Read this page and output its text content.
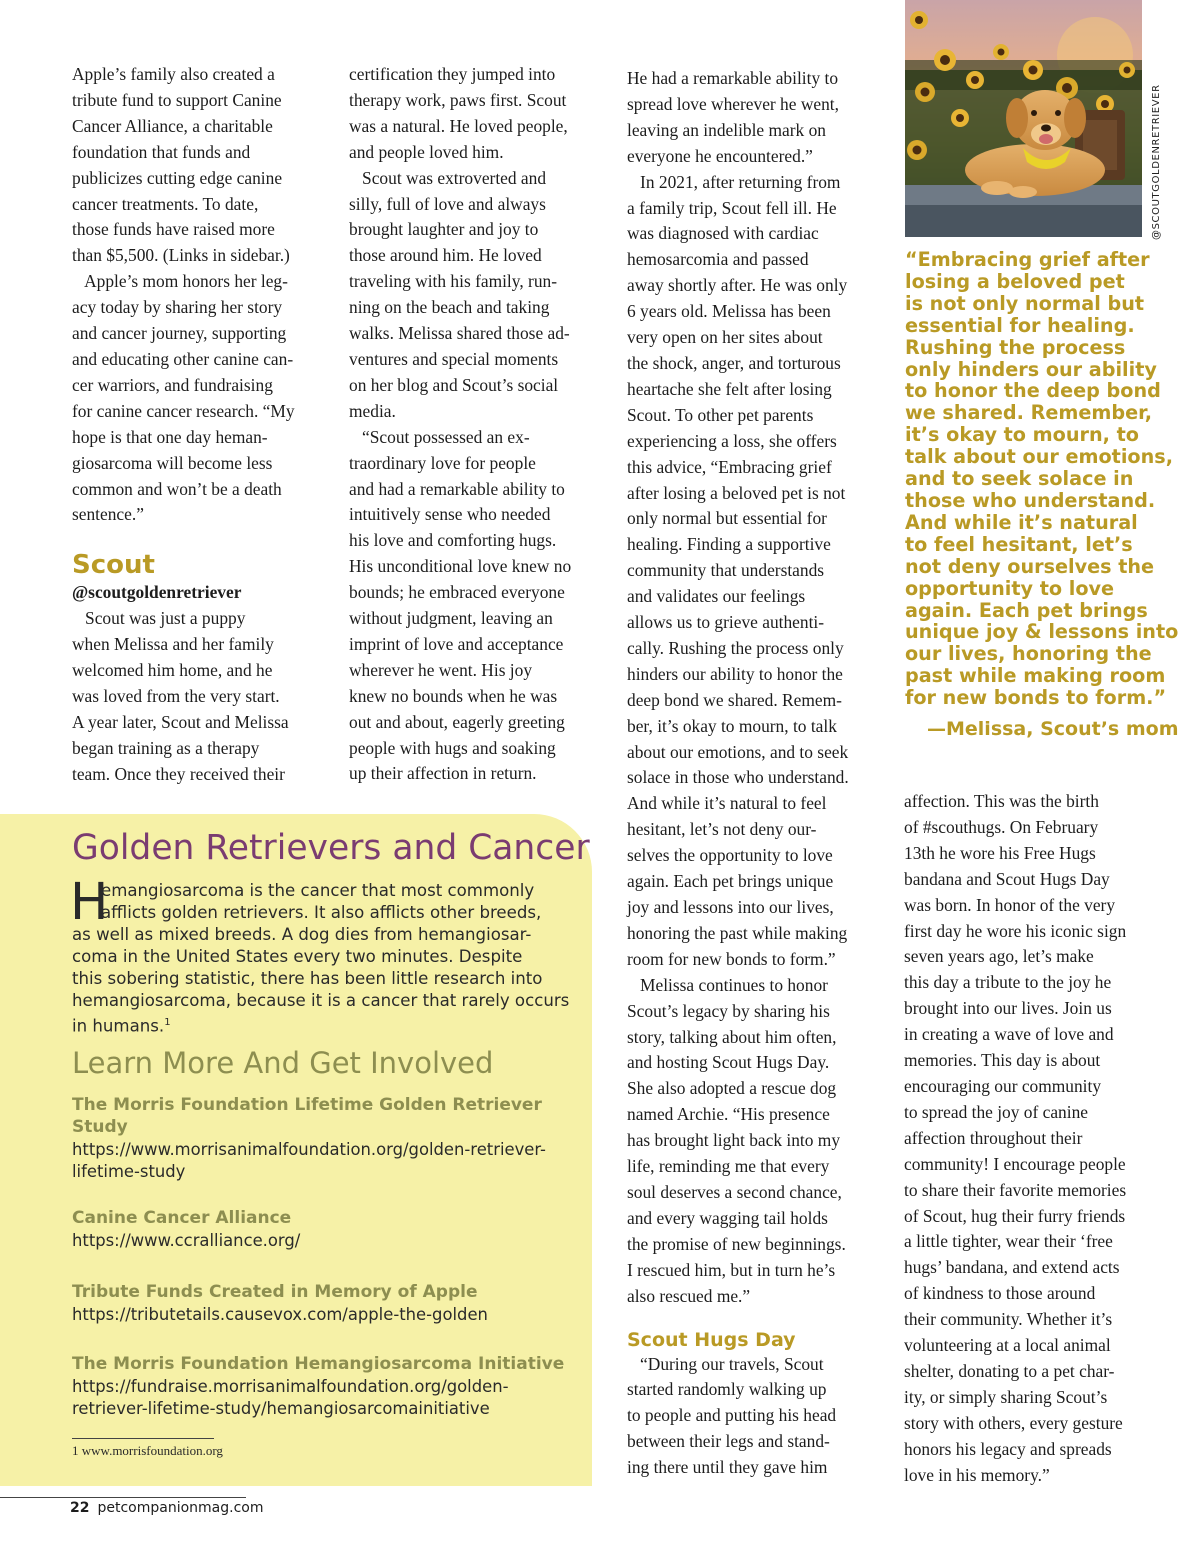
Apple’s family also created a

tribute fund to support Canine

Cancer Alliance, a charitable

foundation that funds and

publicizes cutting edge canine

cancer treatments. To date,

those funds have raised more

than $5,500. (Links in sidebar.)

Apple’s mom honors her leg-

acy today by sharing her story

and cancer journey, supporting

and educating other canine can-

cer warriors, and fundraising

for canine cancer research. “My

hope is that one day heman-

giosarcoma will become less

common and won’t be a death

sentence.”

Scout

@scoutgoldenretriever

Scout was just a puppy

when Melissa and her family

welcomed him home, and he

was loved from the very start.

A year later, Scout and Melissa

began training as a therapy

team. Once they received their

certification they jumped into

therapy work, paws first. Scout

was a natural. He loved people,

and people loved him.

Scout was extroverted and

silly, full of love and always

brought laughter and joy to

those around him. He loved

traveling with his family, run-

ning on the beach and taking

walks. Melissa shared those ad-

ventures and special moments

on her blog and Scout’s social

media.

“Scout possessed an ex-

traordinary love for people

and had a remarkable ability to

intuitively sense who needed

his love and comforting hugs.

His unconditional love knew no

bounds; he embraced everyone

without judgment, leaving an

imprint of love and acceptance

wherever he went. His joy

knew no bounds when he was

out and about, eagerly greeting

people with hugs and soaking

up their affection in return.

He had a remarkable ability to

spread love wherever he went,

leaving an indelible mark on

everyone he encountered.”

In 2021, after returning from

a family trip, Scout fell ill. He

was diagnosed with cardiac

hemosarcomia and passed

away shortly after. He was only

6 years old. Melissa has been

very open on her sites about

the shock, anger, and torturous

heartache she felt after losing

Scout. To other pet parents

experiencing a loss, she offers

this advice, “Embracing grief

after losing a beloved pet is not

only normal but essential for

healing. Finding a supportive

community that understands

and validates our feelings

allows us to grieve authenti-

cally. Rushing the process only

hinders our ability to honor the

deep bond we shared. Remem-

ber, it’s okay to mourn, to talk

about our emotions, and to seek

solace in those who understand.

And while it’s natural to feel

hesitant, let’s not deny our-

selves the opportunity to love

again. Each pet brings unique

joy and lessons into our lives,

honoring the past while making

room for new bonds to form.”

Melissa continues to honor

Scout’s legacy by sharing his

story, talking about him often,

and hosting Scout Hugs Day.

She also adopted a rescue dog

named Archie. “His presence

has brought light back into my

life, reminding me that every

soul deserves a second chance,

and every wagging tail holds

the promise of new beginnings.

I rescued him, but in turn he’s

also rescued me.”

Scout Hugs Day

“During our travels, Scout

started randomly walking up

to people and putting his head

between their legs and stand-

ing there until they gave him

affection. This was the birth

of #scouthugs. On February

13th he wore his Free Hugs

bandana and Scout Hugs Day

was born. In honor of the very

first day he wore his iconic sign

seven years ago, let’s make

this day a tribute to the joy he

brought into our lives. Join us

in creating a wave of love and

memories. This day is about

encouraging our community

to spread the joy of canine

affection throughout their

community! I encourage people

to share their favorite memories

of Scout, hug their furry friends

a little tighter, wear their ‘free

hugs’ bandana, and extend acts

of kindness to those around

their community. Whether it’s

volunteering at a local animal

shelter, donating to a pet char-

ity, or simply sharing Scout’s

story with others, every gesture

honors his legacy and spreads

love in his memory.”

@SCOUTGOLDENRETRIEVER

“Embracing grief after

losing a beloved pet

is not only normal but

essential for healing.

Rushing the process

only hinders our ability

to honor the deep bond

we shared. Remember,

it’s okay to mourn, to

talk about our emotions,

and to seek solace in

those who understand.

And while it’s natural

to feel hesitant, let’s

not deny ourselves the

opportunity to love

again. Each pet brings

unique joy & lessons into

our lives, honoring the

past while making room

for new bonds to form.”

—Melissa, Scout’s mom

Golden Retrievers and Cancer
H

emangiosarcoma is the cancer that most commonly

afflicts golden retrievers. It also afflicts other breeds,

as well as mixed breeds. A dog dies from hemangiosar-

coma in the United States every two minutes. Despite

this sobering statistic, there has been little research into

hemangiosarcoma, because it is a cancer that rarely occurs

in humans.$^1$

Learn More And Get Involved

The Morris Foundation Lifetime Golden Retriever

Study

https://www.morrisanimalfoundation.org/golden-retriever-

lifetime-study

Canine Cancer Alliance

https://www.ccralliance.org/

Tribute Funds Created in Memory of Apple

https://tributetails.causevox.com/apple-the-golden

The Morris Foundation Hemangiosarcoma Initiative

https://fundraise.morrisanimalfoundation.org/golden-

retriever-lifetime-study/hemangiosarcomainitiative

1 www.morrisfoundation.org

22 petcompanionmag.com
